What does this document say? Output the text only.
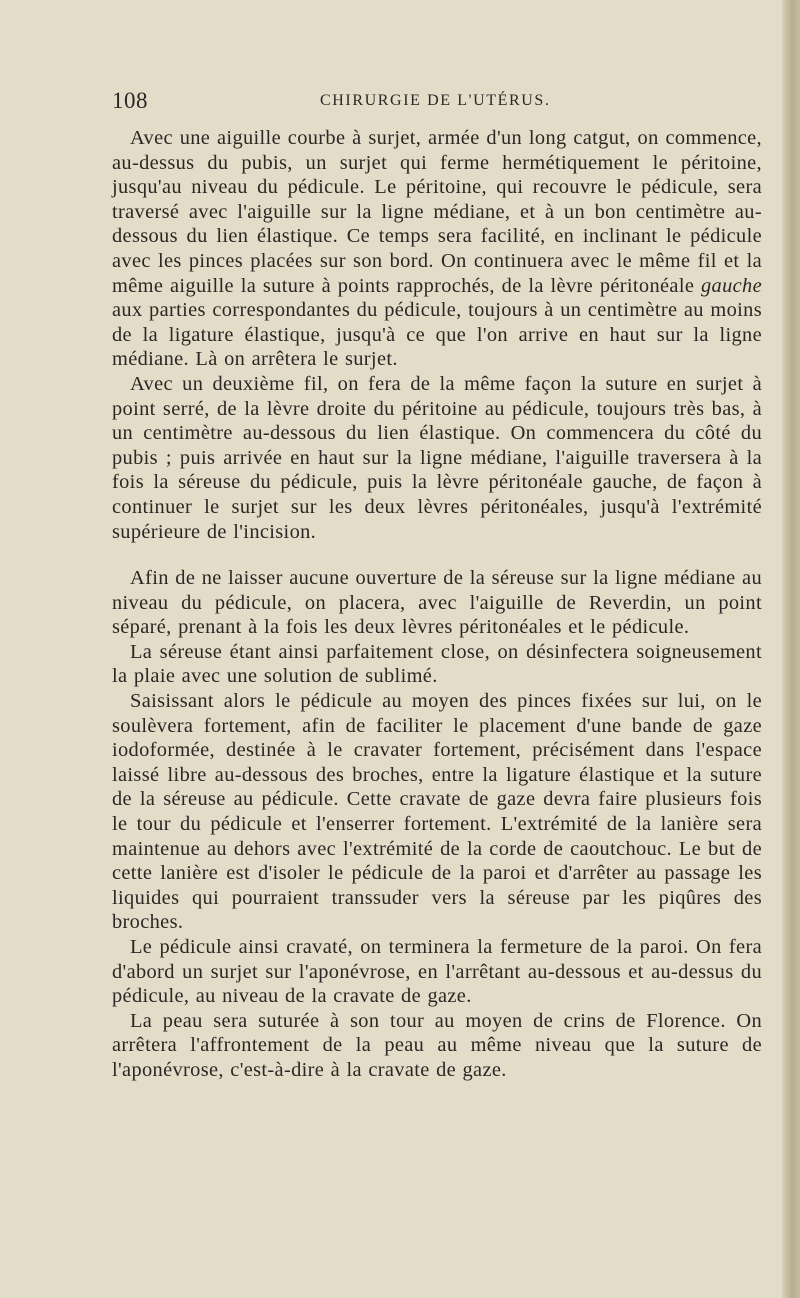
108	CHIRURGIE DE L'UTÉRUS.

Avec une aiguille courbe à surjet, armée d'un long catgut, on commence, au-dessus du pubis, un surjet qui ferme hermétiquement le péritoine, jusqu'au niveau du pédicule. Le péritoine, qui recouvre le pédicule, sera traversé avec l'aiguille sur la ligne médiane, et à un bon centimètre au-dessous du lien élastique. Ce temps sera facilité, en inclinant le pédicule avec les pinces placées sur son bord. On continuera avec le même fil et la même aiguille la suture à points rapprochés, de la lèvre péritonéale gauche aux parties correspondantes du pédicule, toujours à un centimètre au moins de la ligature élastique, jusqu'à ce que l'on arrive en haut sur la ligne médiane. Là on arrêtera le surjet.

Avec un deuxième fil, on fera de la même façon la suture en surjet à point serré, de la lèvre droite du péritoine au pédicule, toujours très bas, à un centimètre au-dessous du lien élastique. On commencera du côté du pubis ; puis arrivée en haut sur la ligne médiane, l'aiguille traversera à la fois la séreuse du pédicule, puis la lèvre péritonéale gauche, de façon à continuer le surjet sur les deux lèvres péritonéales, jusqu'à l'extrémité supérieure de l'incision.

Afin de ne laisser aucune ouverture de la séreuse sur la ligne médiane au niveau du pédicule, on placera, avec l'aiguille de Reverdin, un point séparé, prenant à la fois les deux lèvres péritonéales et le pédicule.

La séreuse étant ainsi parfaitement close, on désinfectera soigneusement la plaie avec une solution de sublimé.

Saisissant alors le pédicule au moyen des pinces fixées sur lui, on le soulèvera fortement, afin de faciliter le placement d'une bande de gaze iodoformée, destinée à le cravater fortement, précisément dans l'espace laissé libre au-dessous des broches, entre la ligature élastique et la suture de la séreuse au pédicule. Cette cravate de gaze devra faire plusieurs fois le tour du pédicule et l'enserrer fortement. L'extrémité de la lanière sera maintenue au dehors avec l'extrémité de la corde de caoutchouc. Le but de cette lanière est d'isoler le pédicule de la paroi et d'arrêter au passage les liquides qui pourraient transsuder vers la séreuse par les piqûres des broches.

Le pédicule ainsi cravaté, on terminera la fermeture de la paroi. On fera d'abord un surjet sur l'aponévrose, en l'arrêtant au-dessous et au-dessus du pédicule, au niveau de la cravate de gaze.

La peau sera suturée à son tour au moyen de crins de Florence. On arrêtera l'affrontement de la peau au même niveau que la suture de l'aponévrose, c'est-à-dire à la cravate de gaze.
